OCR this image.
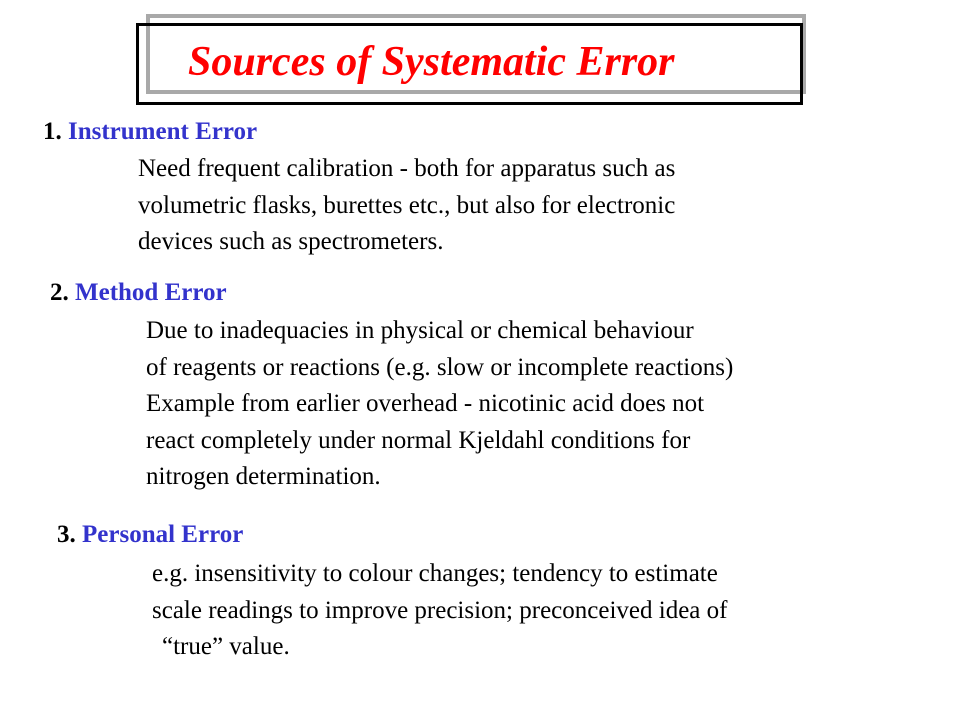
Sources of Systematic Error
1. Instrument Error
Need frequent calibration - both for apparatus such as
volumetric flasks, burettes etc., but also for electronic
devices such as spectrometers.
2. Method Error
Due to inadequacies in physical or chemical behaviour
of reagents or reactions (e.g. slow or incomplete reactions)
Example from earlier overhead - nicotinic acid does not
react completely under normal Kjeldahl conditions for
nitrogen determination.
3. Personal Error
e.g. insensitivity to colour changes; tendency to estimate
scale readings to improve precision; preconceived idea of
“true” value.
